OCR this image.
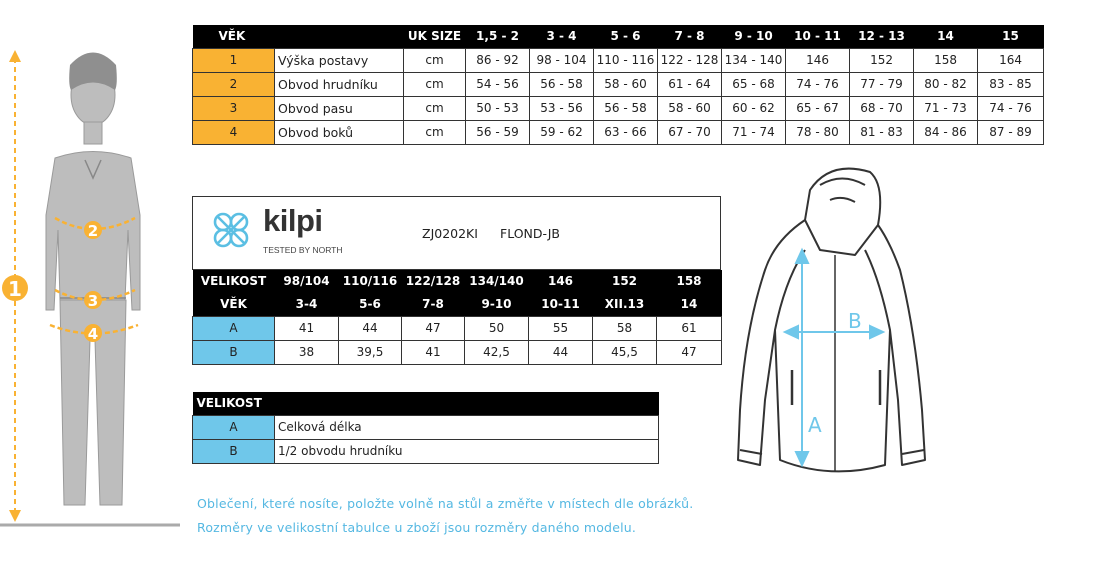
1
2
3
4
VĚK		UK SIZE	1,5 - 2	3 - 4	5 - 6	7 - 8	9 - 10	10 - 11	12 - 13	14	15
1	Výška postavy	cm	86 - 92	98 - 104	110 - 116	122 - 128	134 - 140	146	152	158	164
2	Obvod hrudníku	cm	54 - 56	56 - 58	58 - 60	61 - 64	65 - 68	74 - 76	77 - 79	80 - 82	83 - 85
3	Obvod pasu	cm	50 - 53	53 - 56	56 - 58	58 - 60	60 - 62	65 - 67	68 - 70	71 - 73	74 - 76
4	Obvod boků	cm	56 - 59	59 - 62	63 - 66	67 - 70	71 - 74	78 - 80	81 - 83	84 - 86	87 - 89
kilpi
TESTED BY NORTH
ZJ0202KI FLOND-JB
VELIKOST	98/104	110/116	122/128	134/140	146	152	158
VĚK	3-4	5-6	7-8	9-10	10-11	XII.13	14
A	41	44	47	50	55	58	61
B	38	39,5	41	42,5	44	45,5	47
VELIKOST	
A	Celková délka
B	1/2 obvodu hrudníku
Oblečení, které nosíte, položte volně na stůl a změřte v místech dle obrázků.
Rozměry ve velikostní tabulce u zboží jsou rozměry daného modelu.
A
B
